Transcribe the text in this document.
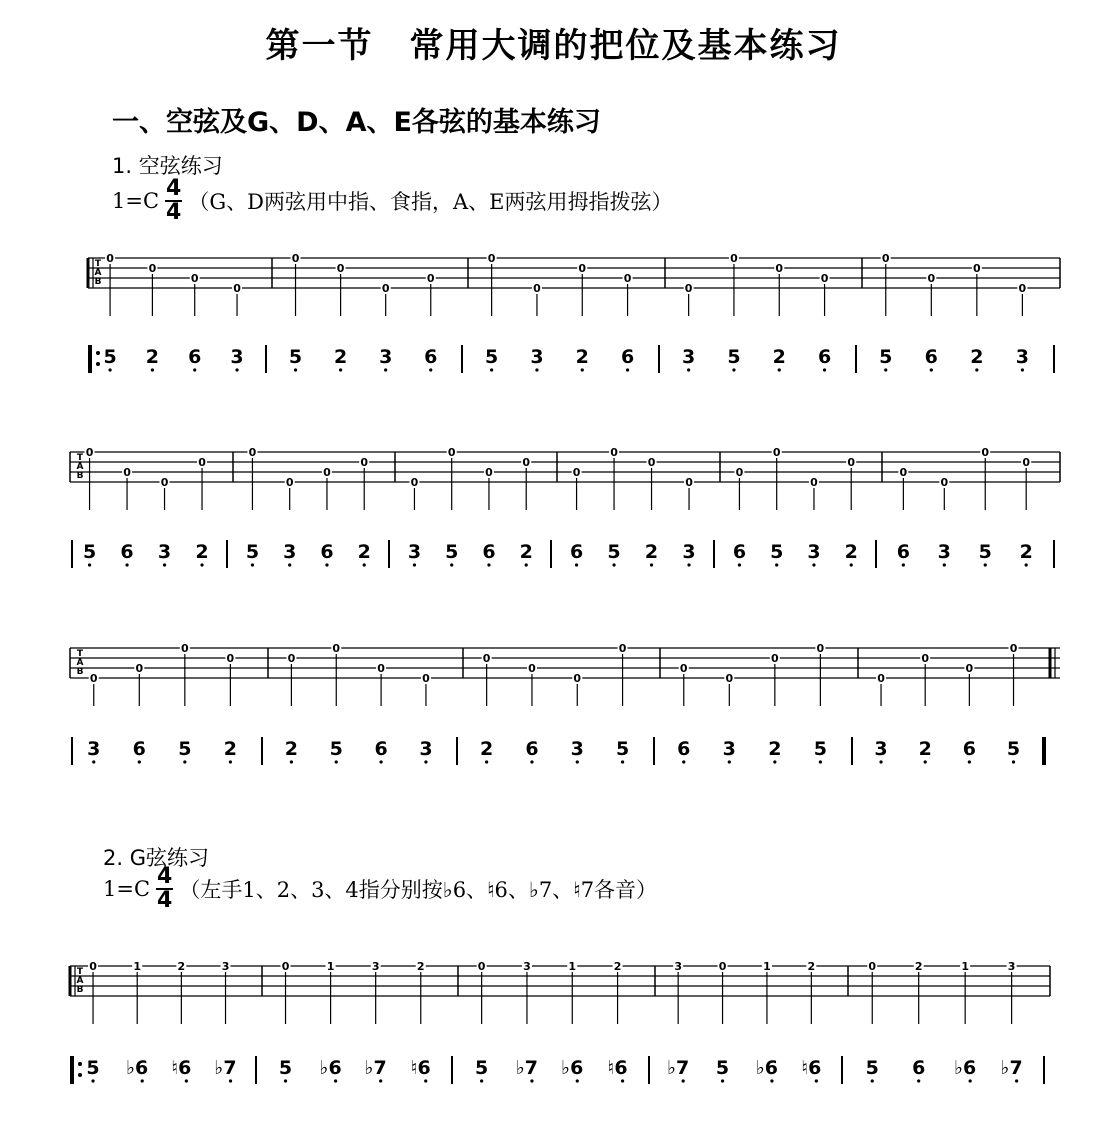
第一节　常用大调的把位及基本练习
一、空弦及G、D、A、E各弦的基本练习
1. 空弦练习
$1=C \frac{4}{4} (G$、D两弦用中指、食指，A、E两弦用拇指拨弦）
2. G弦练习
$1=C \frac{4}{4}$ （左手1、2、3、4指分别按♭6、♮6、♭7、♮7各音）
T
A
B
0
5
0
2
0
6
0
3
0
5
0
2
0
3
0
6
0
5
0
3
0
2
0
6
0
3
0
5
0
2
0
6
0
5
0
6
0
2
0
3
T
A
B
0
5
0
6
0
3
0
2
0
5
0
3
0
6
0
2
0
3
0
5
0
6
0
2
0
6
0
5
0
2
0
3
0
6
0
5
0
3
0
2
0
6
0
3
0
5
0
2
T
A
B 0
3
0
6
0
5
0
2
0
2
0
5
0
6
0
3
0
2
0
6
0
3
0
5
0
6
0
3
0
2
0
5
0
3
0
2
0
6
0
5
T
A
B
0
5
1
♭6
2
♮6
3
♭7
0
5
1
♭6
3
♭7
2
♮6
0
5
3
♭7
1
♭6
2
♮6
3
♭7
0
5
1
♭6
2
♮6
0
5
2
6
1
♭6
3
♭7
